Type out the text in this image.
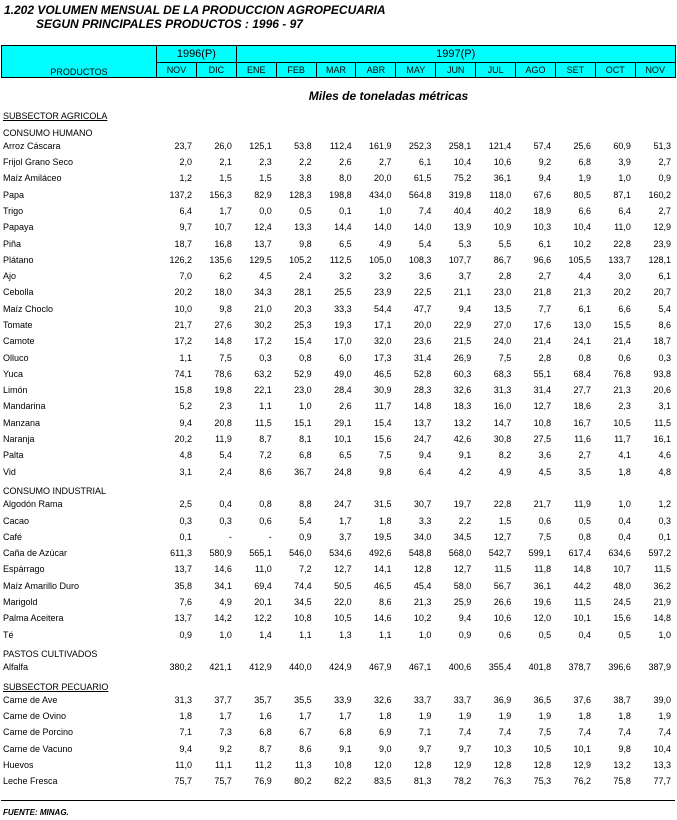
1.202 VOLUMEN MENSUAL DE LA PRODUCCION AGROPECUARIA
SEGUN PRINCIPALES PRODUCTOS : 1996 - 97
PRODUCTOS	1996(P)		1997(P)										
	NOV	DIC	ENE	FEB	MAR	ABR	MAY	JUN	JUL	AGO	SET	OCT	NOV
Miles de toneladas métricas
SUBSECTOR AGRICOLA													
CONSUMO HUMANO													
Arroz Cáscara	23,7	26,0	125,1	53,8	112,4	161,9	252,3	258,1	121,4	57,4	25,6	60,9	51,3
Frijol Grano Seco	2,0	2,1	2,3	2,2	2,6	2,7	6,1	10,4	10,6	9,2	6,8	3,9	2,7
Maíz Amiláceo	1,2	1,5	1,5	3,8	8,0	20,0	61,5	75,2	36,1	9,4	1,9	1,0	0,9
Papa	137,2	156,3	82,9	128,3	198,8	434,0	564,8	319,8	118,0	67,6	80,5	87,1	160,2
Trigo	6,4	1,7	0,0	0,5	0,1	1,0	7,4	40,4	40,2	18,9	6,6	6,4	2,7
Papaya	9,7	10,7	12,4	13,3	14,4	14,0	14,0	13,9	10,9	10,3	10,4	11,0	12,9
Piña	18,7	16,8	13,7	9,8	6,5	4,9	5,4	5,3	5,5	6,1	10,2	22,8	23,9
Plátano	126,2	135,6	129,5	105,2	112,5	105,0	108,3	107,7	86,7	96,6	105,5	133,7	128,1
Ajo	7,0	6,2	4,5	2,4	3,2	3,2	3,6	3,7	2,8	2,7	4,4	3,0	6,1
Cebolla	20,2	18,0	34,3	28,1	25,5	23,9	22,5	21,1	23,0	21,8	21,3	20,2	20,7
Maíz Choclo	10,0	9,8	21,0	20,3	33,3	54,4	47,7	9,4	13,5	7,7	6,1	6,6	5,4
Tomate	21,7	27,6	30,2	25,3	19,3	17,1	20,0	22,9	27,0	17,6	13,0	15,5	8,6
Camote	17,2	14,8	17,2	15,4	17,0	32,0	23,6	21,5	24,0	21,4	24,1	21,4	18,7
Olluco	1,1	7,5	0,3	0,8	6,0	17,3	31,4	26,9	7,5	2,8	0,8	0,6	0,3
Yuca	74,1	78,6	63,2	52,9	49,0	46,5	52,8	60,3	68,3	55,1	68,4	76,8	93,8
Limón	15,8	19,8	22,1	23,0	28,4	30,9	28,3	32,6	31,3	31,4	27,7	21,3	20,6
Mandarina	5,2	2,3	1,1	1,0	2,6	11,7	14,8	18,3	16,0	12,7	18,6	2,3	3,1
Manzana	9,4	20,8	11,5	15,1	29,1	15,4	13,7	13,2	14,7	10,8	16,7	10,5	11,5
Naranja	20,2	11,9	8,7	8,1	10,1	15,6	24,7	42,6	30,8	27,5	11,6	11,7	16,1
Palta	4,8	5,4	7,2	6,8	6,5	7,5	9,4	9,1	8,2	3,6	2,7	4,1	4,6
Vid	3,1	2,4	8,6	36,7	24,8	9,8	6,4	4,2	4,9	4,5	3,5	1,8	4,8
CONSUMO INDUSTRIAL													
Algodón Rama	2,5	0,4	0,8	8,8	24,7	31,5	30,7	19,7	22,8	21,7	11,9	1,0	1,2
Cacao	0,3	0,3	0,6	5,4	1,7	1,8	3,3	2,2	1,5	0,6	0,5	0,4	0,3
Café	0,1	-	-	0,9	3,7	19,5	34,0	34,5	12,7	7,5	0,8	0,4	0,1
Caña de Azúcar	611,3	580,9	565,1	546,0	534,6	492,6	548,8	568,0	542,7	599,1	617,4	634,6	597,2
Espárrago	13,7	14,6	11,0	7,2	12,7	14,1	12,8	12,7	11,5	11,8	14,8	10,7	11,5
Maíz Amarillo Duro	35,8	34,1	69,4	74,4	50,5	46,5	45,4	58,0	56,7	36,1	44,2	48,0	36,2
Marigold	7,6	4,9	20,1	34,5	22,0	8,6	21,3	25,9	26,6	19,6	11,5	24,5	21,9
Palma Aceitera	13,7	14,2	12,2	10,8	10,5	14,6	10,2	9,4	10,6	12,0	10,1	15,6	14,8
Té	0,9	1,0	1,4	1,1	1,3	1,1	1,0	0,9	0,6	0,5	0,4	0,5	1,0
PASTOS CULTIVADOS													
Alfalfa	380,2	421,1	412,9	440,0	424,9	467,9	467,1	400,6	355,4	401,8	378,7	396,6	387,9
SUBSECTOR PECUARIO													
Carne de Ave	31,3	37,7	35,7	35,5	33,9	32,6	33,7	33,7	36,9	36,5	37,6	38,7	39,0
Carne de Ovino	1,8	1,7	1,6	1,7	1,7	1,8	1,9	1,9	1,9	1,9	1,8	1,8	1,9
Carne de Porcino	7,1	7,3	6,8	6,7	6,8	6,9	7,1	7,4	7,4	7,5	7,4	7,4	7,4
Carne de Vacuno	9,4	9,2	8,7	8,6	9,1	9,0	9,7	9,7	10,3	10,5	10,1	9,8	10,4
Huevos	11,0	11,1	11,2	11,3	10,8	12,0	12,8	12,9	12,8	12,8	12,9	13,2	13,3
Leche Fresca	75,7	75,7	76,9	80,2	82,2	83,5	81,3	78,2	76,3	75,3	76,2	75,8	77,7
FUENTE: MINAG.
